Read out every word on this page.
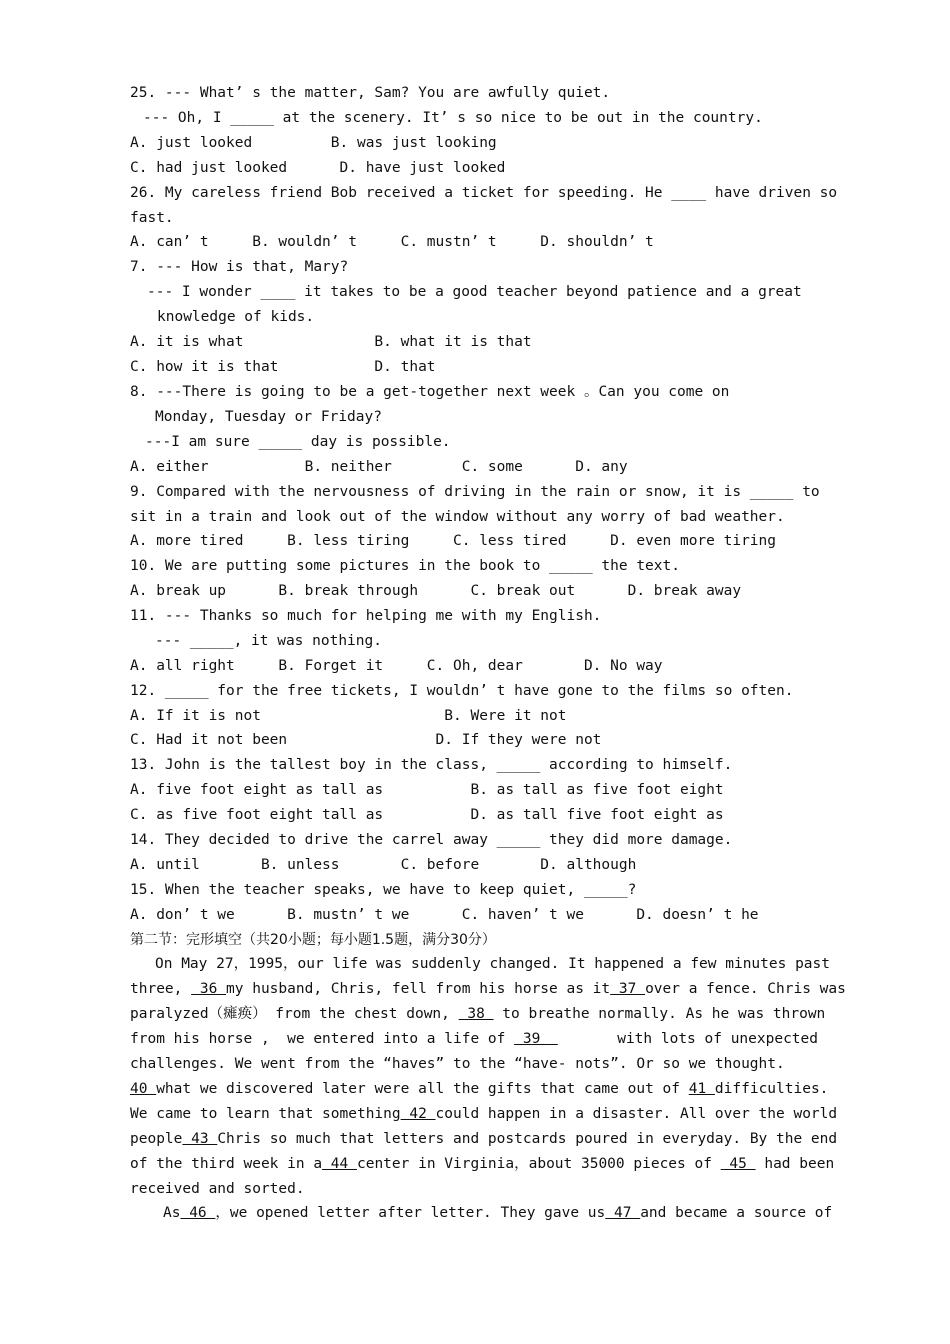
25. --- What’ s the matter, Sam? You are awfully quiet.
--- Oh, I _____ at the scenery. It’ s so nice to be out in the country.
A. just looked         B. was just looking
C. had just looked      D. have just looked
26. My careless friend Bob received a ticket for speeding. He ____ have driven so
fast.
A. can’ t     B. wouldn’ t     C. mustn’ t     D. shouldn’ t
7. --- How is that, Mary?
--- I wonder ____ it takes to be a good teacher beyond patience and a great
knowledge of kids.
A. it is what               B. what it is that
C. how it is that           D. that
8. ---There is going to be a get-together next week 。Can you come on
Monday, Tuesday or Friday?
---I am sure _____ day is possible.
A. either           B. neither        C. some      D. any
9. Compared with the nervousness of driving in the rain or snow, it is _____ to
sit in a train and look out of the window without any worry of bad weather.
A. more tired     B. less tiring     C. less tired     D. even more tiring
10. We are putting some pictures in the book to _____ the text.
A. break up      B. break through      C. break out      D. break away
11. --- Thanks so much for helping me with my English.
--- _____, it was nothing.
A. all right     B. Forget it     C. Oh, dear       D. No way
12. _____ for the free tickets, I wouldn’ t have gone to the films so often.
A. If it is not                     B. Were it not
C. Had it not been                 D. If they were not
13. John is the tallest boy in the class, _____ according to himself.
A. five foot eight as tall as          B. as tall as five foot eight
C. as five foot eight tall as          D. as tall five foot eight as
14. They decided to drive the carrel away _____ they did more damage.
A. until       B. unless       C. before       D. although
15. When the teacher speaks, we have to keep quiet, _____?
A. don’ t we      B. mustn’ t we      C. haven’ t we      D. doesn’ t he
第二节：完形填空（共20小题；每小题1.5题，满分30分）
On May 27，1995，our life was suddenly changed. It happened a few minutes past
three,  36 my husband, Chris, fell from his horse as it 37 over a fence. Chris was
paralyzed（瘫痪） from the chest down,  38 to breathe normally. As he was thrown
from his horse ,  we entered into a life of  39	with lots of unexpected
challenges. We went from the “haves” to the “have- nots”. Or so we thought.
40 what we discovered later were all the gifts that came out of 41 difficulties.
We came to learn that something 42 could happen in a disaster. All over the world
people 43 Chris so much that letters and postcards poured in everyday. By the end
of the third week in a 44 center in Virginia，about 35000 pieces of  45  had been
received and sorted.
As 46 ，we opened letter after letter. They gave us 47 and became a source of
